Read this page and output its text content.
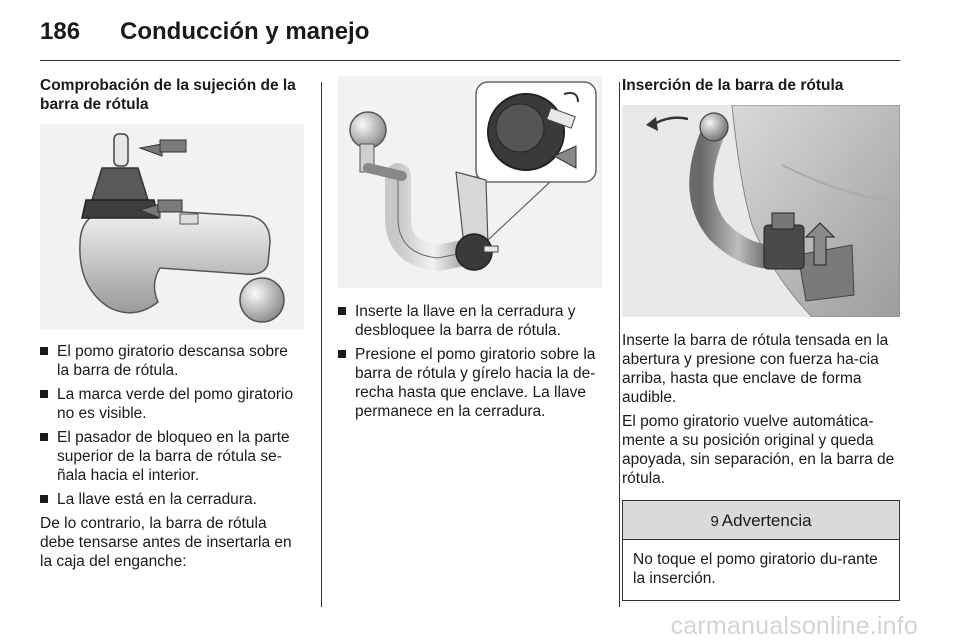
186 Conducción y manejo
Comprobación de la sujeción de la barra de rótula
El pomo giratorio descansa sobre la barra de rótula.
La marca verde del pomo giratorio no es visible.
El pasador de bloqueo en la parte superior de la barra de rótula se-ñala hacia el interior.
La llave está en la cerradura.

De lo contrario, la barra de rótula debe tensarse antes de insertarla en la caja del enganche:

Inserte la llave en la cerradura y desbloquee la barra de rótula.
Presione el pomo giratorio sobre la barra de rótula y gírelo hacia la de-recha hasta que enclave. La llave permanece en la cerradura.
Inserción de la barra de rótula

Inserte la barra de rótula tensada en la abertura y presione con fuerza ha-cia arriba, hasta que enclave de forma audible.

El pomo giratorio vuelve automática-mente a su posición original y queda apoyada, sin separación, en la barra de rótula.

9 Advertencia
No toque el pomo giratorio du-rante la inserción.
carmanualsonline.info
